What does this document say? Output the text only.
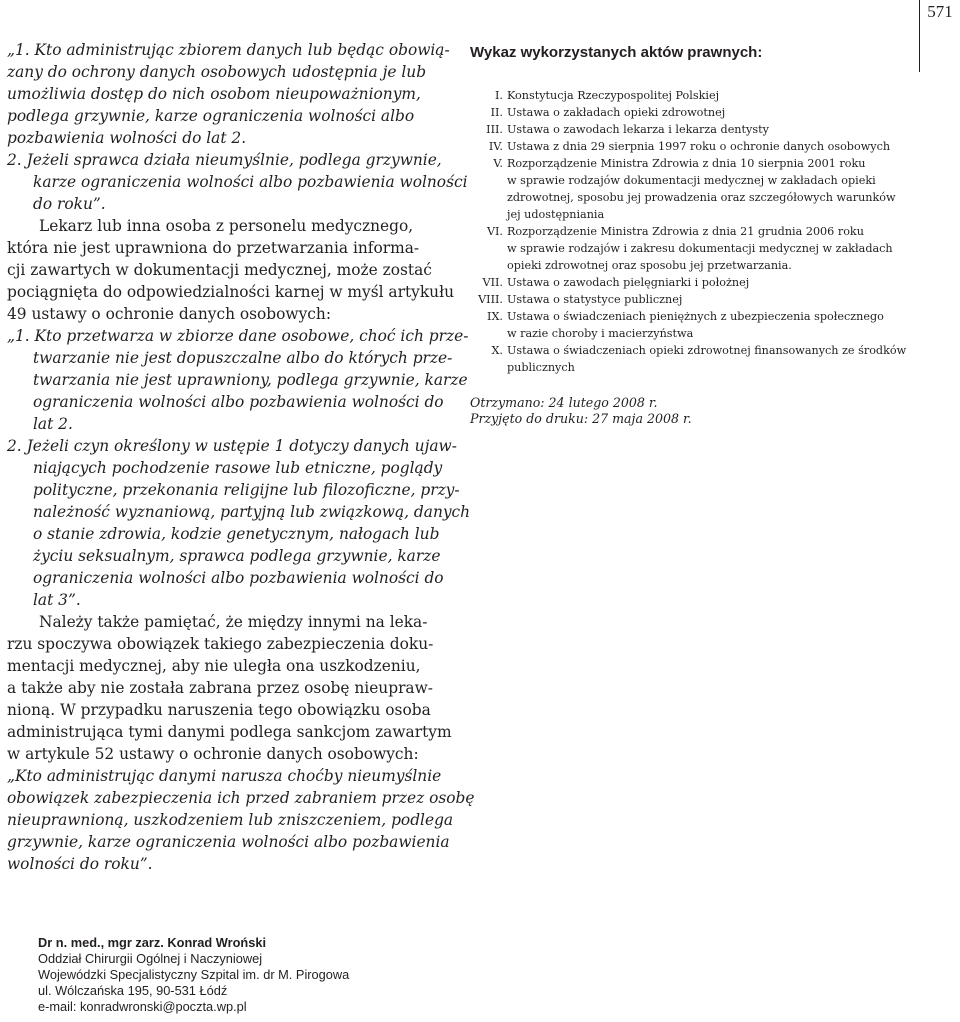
571

„1. Kto administrując zbiorem danych lub będąc obowią-

zany do ochrony danych osobowych udostępnia je lub

umożliwia dostęp do nich osobom nieupoważnionym,

podlega grzywnie, karze ograniczenia wolności albo

pozbawienia wolności do lat 2.

2. Jeżeli sprawca działa nieumyślnie, podlega grzywnie,

karze ograniczenia wolności albo pozbawienia wolności

do roku”.

Lekarz lub inna osoba z personelu medycznego,

która nie jest uprawniona do przetwarzania informa-

cji zawartych w dokumentacji medycznej, może zostać

pociągnięta do odpowiedzialności karnej w myśl artykułu

49 ustawy o ochronie danych osobowych:

„1. Kto przetwarza w zbiorze dane osobowe, choć ich prze-

twarzanie nie jest dopuszczalne albo do których prze-

twarzania nie jest uprawniony, podlega grzywnie, karze

ograniczenia wolności albo pozbawienia wolności do

lat 2.

2. Jeżeli czyn określony w ustępie 1 dotyczy danych ujaw-

niających pochodzenie rasowe lub etniczne, poglądy

polityczne, przekonania religijne lub filozoficzne, przy-

należność wyznaniową, partyjną lub związkową, danych

o stanie zdrowia, kodzie genetycznym, nałogach lub

życiu seksualnym, sprawca podlega grzywnie, karze

ograniczenia wolności albo pozbawienia wolności do

lat 3”.

Należy także pamiętać, że między innymi na leka-

rzu spoczywa obowiązek takiego zabezpieczenia doku-

mentacji medycznej, aby nie uległa ona uszkodzeniu,

a także aby nie została zabrana przez osobę nieupraw-

nioną. W przypadku naruszenia tego obowiązku osoba

administrująca tymi danymi podlega sankcjom zawartym

w artykule 52 ustawy o ochronie danych osobowych:

„Kto administrując danymi narusza choćby nieumyślnie

obowiązek zabezpieczenia ich przed zabraniem przez osobę

nieuprawnioną, uszkodzeniem lub zniszczeniem, podlega

grzywnie, karze ograniczenia wolności albo pozbawienia

wolności do roku”.

Wykaz wykorzystanych aktów prawnych:
I. Konstytucja Rzeczypospolitej Polskiej
II. Ustawa o zakładach opieki zdrowotnej
III. Ustawa o zawodach lekarza i lekarza dentysty
IV. Ustawa z dnia 29 sierpnia 1997 roku o ochronie danych osobowych
V. Rozporządzenie Ministra Zdrowia z dnia 10 sierpnia 2001 roku
w sprawie rodzajów dokumentacji medycznej w zakładach opieki
zdrowotnej, sposobu jej prowadzenia oraz szczegółowych warunków
jej udostępniania
VI. Rozporządzenie Ministra Zdrowia z dnia 21 grudnia 2006 roku
w sprawie rodzajów i zakresu dokumentacji medycznej w zakładach
opieki zdrowotnej oraz sposobu jej przetwarzania.
VII. Ustawa o zawodach pielęgniarki i położnej
VIII. Ustawa o statystyce publicznej
IX. Ustawa o świadczeniach pieniężnych z ubezpieczenia społecznego
w razie choroby i macierzyństwa
X. Ustawa o świadczeniach opieki zdrowotnej finansowanych ze środków
publicznych

Otrzymano: 24 lutego 2008 r.

Przyjęto do druku: 27 maja 2008 r.

Dr n. med., mgr zarz. Konrad Wroński

Oddział Chirurgii Ogólnej i Naczyniowej

Wojewódzki Specjalistyczny Szpital im. dr M. Pirogowa

ul. Wólczańska 195, 90-531 Łódź

e-mail: konradwronski@poczta.wp.pl
